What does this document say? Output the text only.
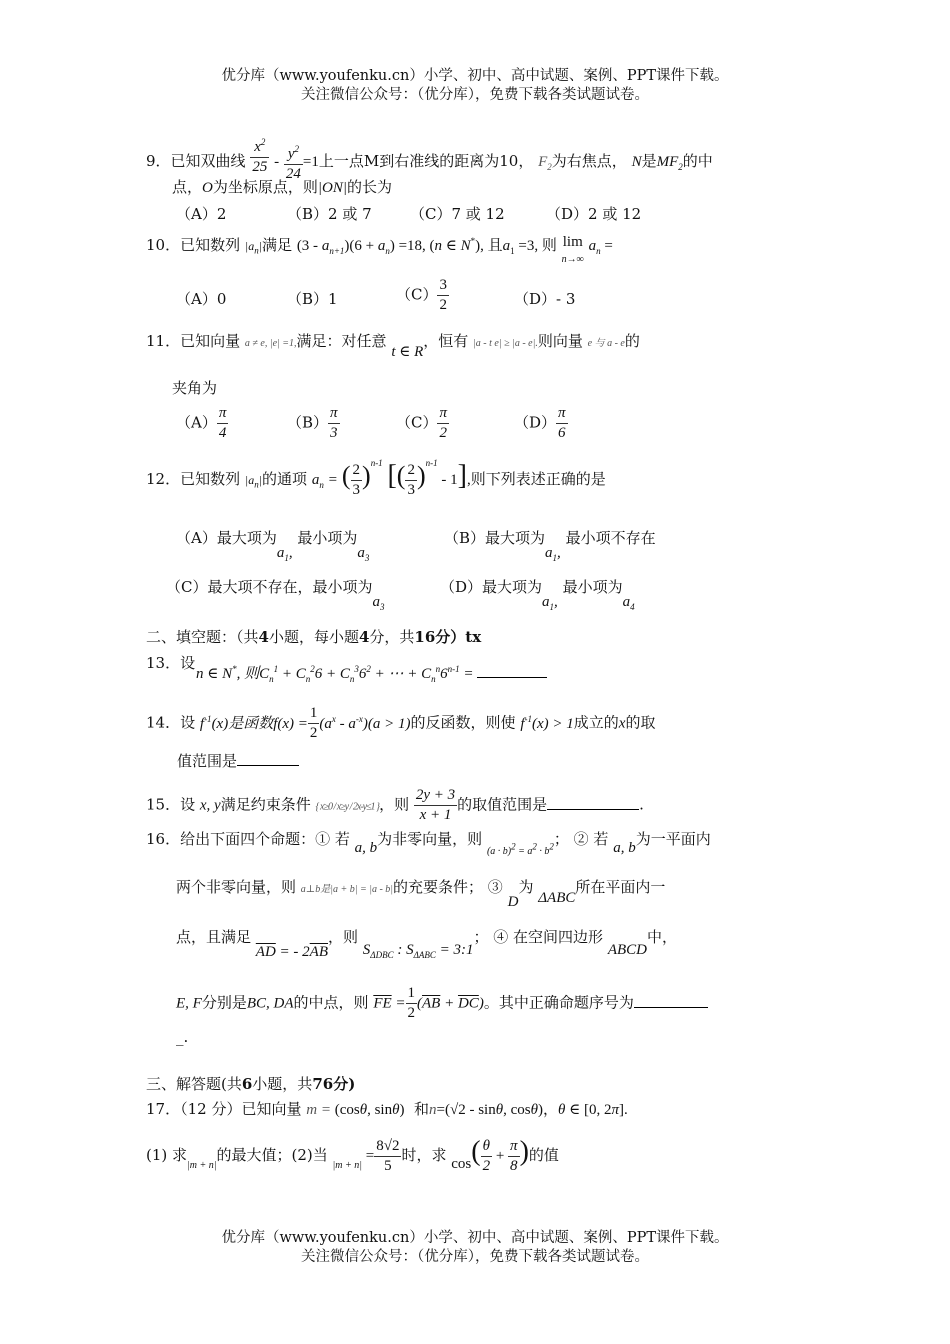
优分库（www.youfenku.cn）小学、初中、高中试题、案例、PPT课件下载。
关注微信公众号：（优分库），免费下载各类试题试卷。
9．已知双曲线 $\frac{x^2}{25} - \frac{y^2}{24} =1$上一点M到右准线的距离为10， $F_2$为右焦点， N是$MF_2$的中
点，O为坐标原点，则|ON|的长为
（A）2	（B）2 或 7	（C）7 或 12	（D）2 或 12
10．已知数列 $|a_n|$满足 $(3 - a_{n+1})(6 + a_n) =18$, (n ∈ N*), 且$a_1 =3$, 则 lim
n→∞ $a_n$ =
（A）0	（B）1	$(C) \frac{3}{2}$	（D）- 3
11．已知向量 a ≠ e, |e| =1,满足：对任意 t ∈ R，恒有 |a - t e| ≥ |a - e|.则向量 e 与 a - e的
夹角为
$(A) \frac{\pi}{4}$	$(B) \frac{\pi}{3}$	$(C) \frac{\pi}{2}$	$(D) \frac{\pi}{6}$
12．已知数列 $|a_n|$的通项 $a_n$ = ( $\frac{2}{3} )^{n-1}$ [( $\frac{2}{3} )^{n-1} - 1$],则下列表述正确的是
（A）最大项为$a_1$, 最小项为$a_3$
（B）最大项为$a_1$, 最小项不存在
（C）最大项不存在，最小项为$a_3$
（D）最大项为$a_1$, 最小项为$a_4$
二、填空题：（共4小题，每小题4分，共16分）tx
13．设
n ∈ N*, 则$C_n^1 + C_n^26 + C_n^36^2$ + ⋯ + $C_n^n6^{n-1}$ =
14．设 $f^{-1}(x)$是函数$f(x) = \frac{1}{2} (a^x - a^{-x})(a > 1)$的反函数，则使 $f^{-1}(x) > 1$成立的x的取
值范围是
15．设 x, y满足约束条件 { x≥0 / x≥y / 2x-y≤1 }，则 $\frac{2y + 3}{x + 1}$ 的取值范围是	.
16．给出下面四个命题：① 若 a, b为非零向量，则 $_{(a \cdot b)^2 = a^2 \cdot b^2}$； ② 若 a, b为一平面内
两个非零向量，则 a⊥b是|a + b| = |a - b|的充要条件； ③ D为 ΔABC所在平面内一
点，且满足 $\overline{AD}$ = - $2\overline{AB}$，则 $S_{\Delta DBC}$ : $S_{\Delta ABC}$ = 3:1； ④ 在空间四边形 ABCD中，
E, F分别是BC, DA的中点，则 $\overline{FE} = \frac{1}{2} (\overline{AB} + \overline{DC})$。其中正确命题序号为
_.
三、解答题(共6小题，共76分)
17．（12 分）已知向量 m = (cosθ, sinθ) 和n=(√2 - sinθ, cosθ)，θ ∈ [0, 2π].
(1) 求$_{|m + n|}$的最大值；(2)当 $_{|m + n|} = \frac{8√2}{5}$ 时，求 $\cos( \frac{\theta}{2} + \frac{\pi}{8}$ )的值
优分库（www.youfenku.cn）小学、初中、高中试题、案例、PPT课件下载。
关注微信公众号：（优分库），免费下载各类试题试卷。
